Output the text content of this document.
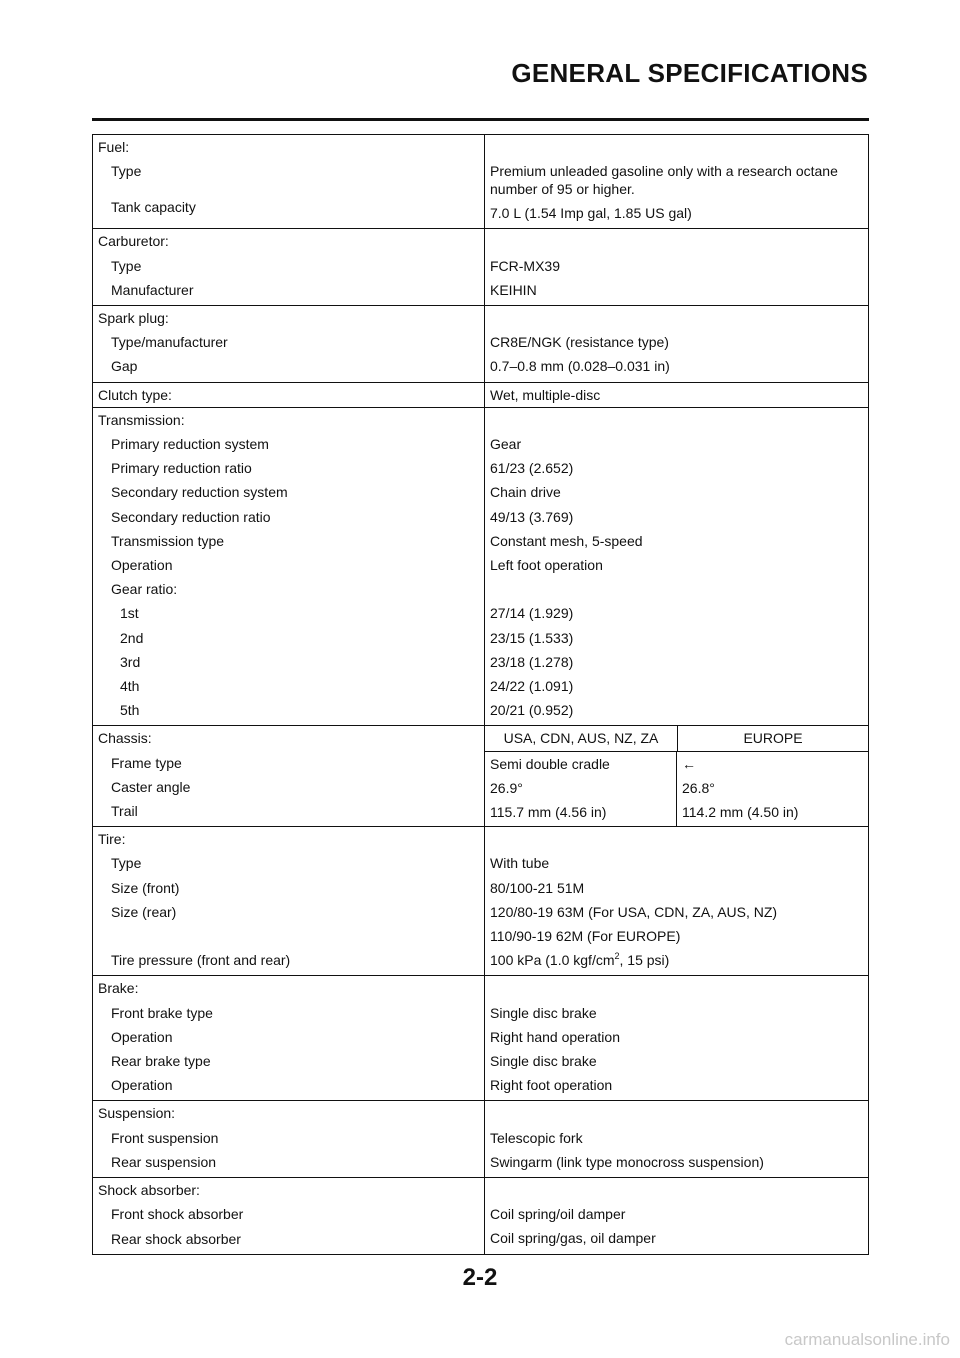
GENERAL SPECIFICATIONS
Fuel:
Type
Tank capacity
Premium unleaded gasoline only with a research octane number of 95 or higher.
7.0 L (1.54 Imp gal, 1.85 US gal)
Carburetor:
Type
Manufacturer
FCR-MX39
KEIHIN
Spark plug:
Type/manufacturer
Gap
CR8E/NGK (resistance type)
0.7–0.8 mm (0.028–0.031 in)
Clutch type:	Wet, multiple-disc
Transmission:
Primary reduction system
Primary reduction ratio
Secondary reduction system
Secondary reduction ratio
Transmission type
Operation
Gear ratio:
1st
2nd
3rd
4th
5th
Gear
61/23 (2.652)
Chain drive
49/13 (3.769)
Constant mesh, 5-speed
Left foot operation
27/14 (1.929)
23/15 (1.533)
23/18 (1.278)
24/22 (1.091)
20/21 (0.952)
Chassis:
Frame type
Caster angle
Trail
USA, CDN, AUS, NZ, ZA	EUROPE
Semi double cradle
26.9°
115.7 mm (4.56 in)
←
26.8°
114.2 mm (4.50 in)
Tire:
Type
Size (front)
Size (rear)
Tire pressure (front and rear)
With tube
80/100-21 51M
120/80-19 63M (For USA, CDN, ZA, AUS, NZ)
110/90-19 62M (For EUROPE)
100 kPa (1.0 kgf/$cm^2$, 15 psi)
Brake:
Front brake type
Operation
Rear brake type
Operation
Single disc brake
Right hand operation
Single disc brake
Right foot operation
Suspension:
Front suspension
Rear suspension
Telescopic fork
Swingarm (link type monocross suspension)
Shock absorber:
Front shock absorber
Rear shock absorber
Coil spring/oil damper
Coil spring/gas, oil damper
2-2
carmanualsonline.info
